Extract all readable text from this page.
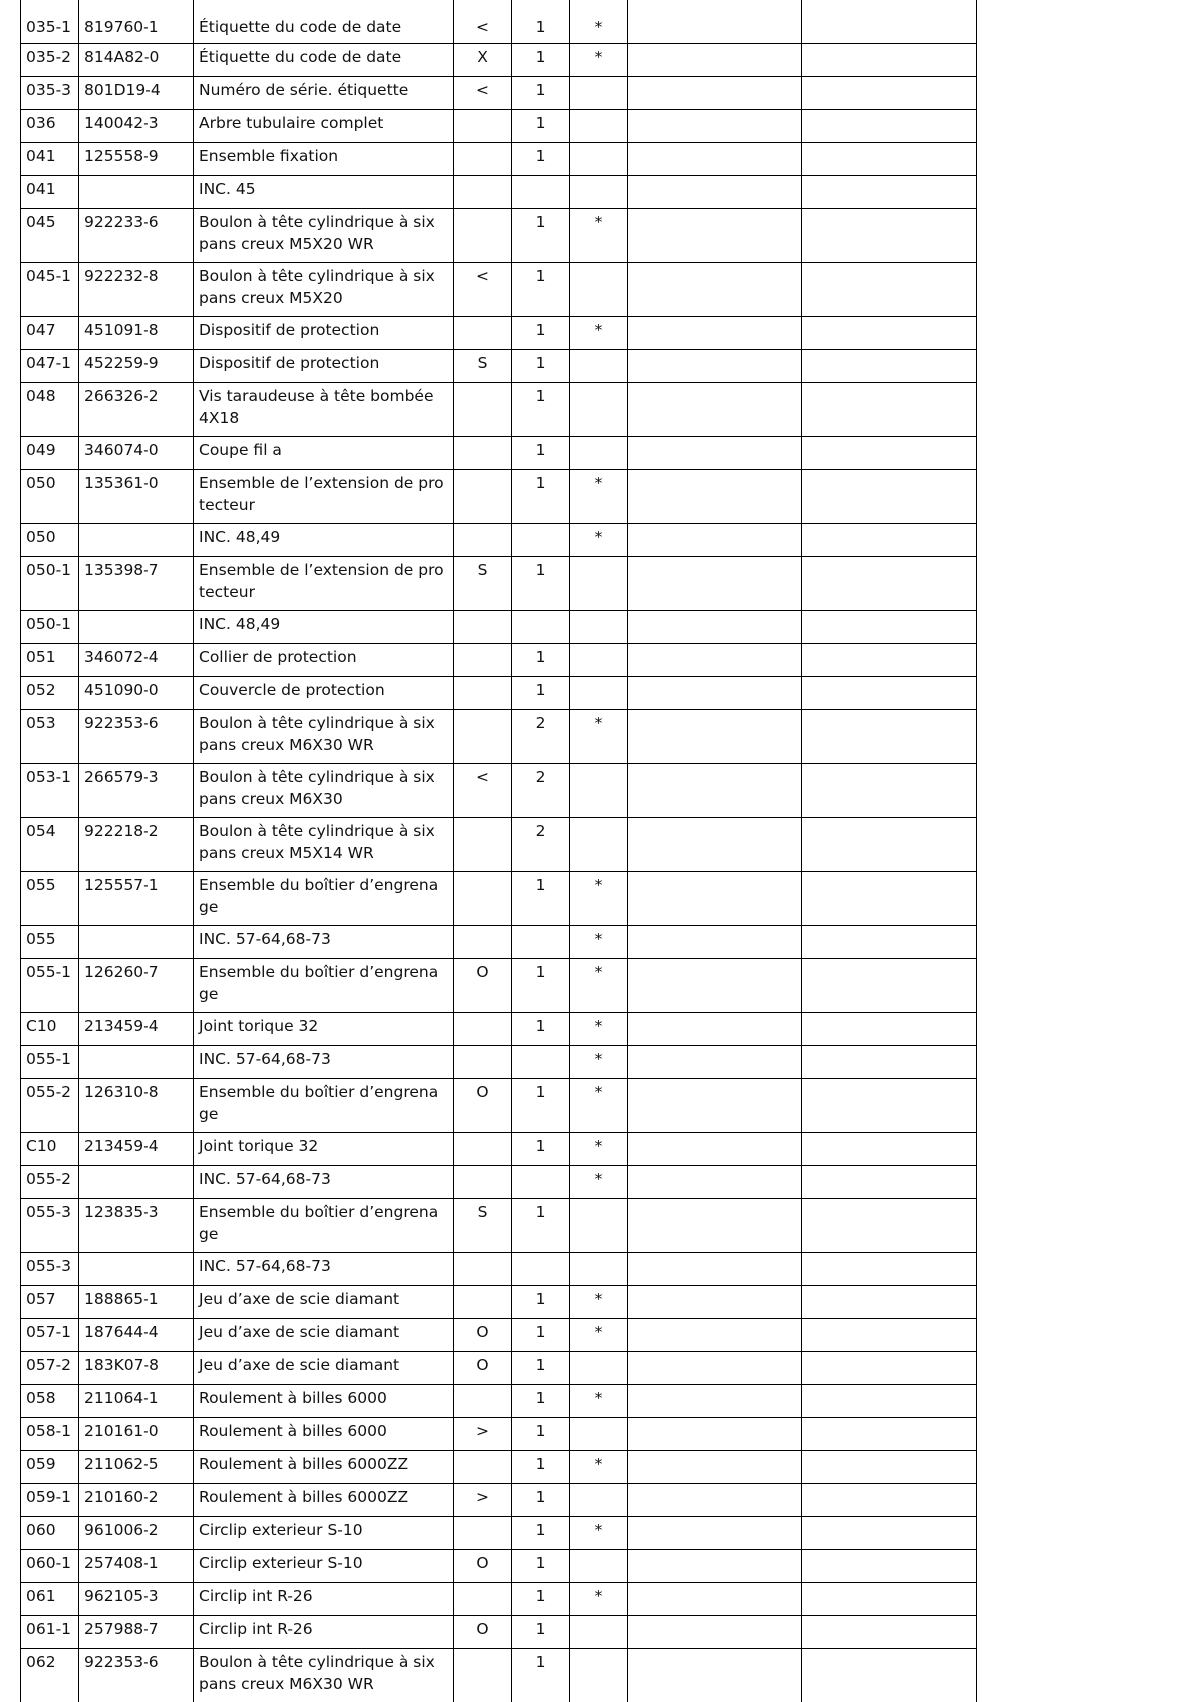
035-1	819760-1	Étiquette du code de date	<	1	*		
035-2	814A82-0	Étiquette du code de date	X	1	*		
035-3	801D19-4	Numéro de série. étiquette	<	1			
036	140042-3	Arbre tubulaire complet		1			
041	125558-9	Ensemble fixation		1			
041		INC. 45					
045	922233-6	Boulon à tête cylindrique à six pans creux M5X20 WR		1	*		
045-1	922232-8	Boulon à tête cylindrique à six pans creux M5X20	<	1			
047	451091-8	Dispositif de protection		1	*		
047-1	452259-9	Dispositif de protection	S	1			
048	266326-2	Vis taraudeuse à tête bombée 4X18		1			
049	346074-0	Coupe fil a		1			
050	135361-0	Ensemble de l’extension de protecteur		1	*		
050		INC. 48,49			*		
050-1	135398-7	Ensemble de l’extension de protecteur	S	1			
050-1		INC. 48,49					
051	346072-4	Collier de protection		1			
052	451090-0	Couvercle de protection		1			
053	922353-6	Boulon à tête cylindrique à six pans creux M6X30 WR		2	*		
053-1	266579-3	Boulon à tête cylindrique à six pans creux M6X30	<	2			
054	922218-2	Boulon à tête cylindrique à six pans creux M5X14 WR		2			
055	125557-1	Ensemble du boîtier d’engrenage		1	*		
055		INC. 57-64,68-73			*		
055-1	126260-7	Ensemble du boîtier d’engrenage	O	1	*		
C10	213459-4	Joint torique 32		1	*		
055-1		INC. 57-64,68-73			*		
055-2	126310-8	Ensemble du boîtier d’engrenage	O	1	*		
C10	213459-4	Joint torique 32		1	*		
055-2		INC. 57-64,68-73			*		
055-3	123835-3	Ensemble du boîtier d’engrenage	S	1			
055-3		INC. 57-64,68-73					
057	188865-1	Jeu d’axe de scie diamant		1	*		
057-1	187644-4	Jeu d’axe de scie diamant	O	1	*		
057-2	183K07-8	Jeu d’axe de scie diamant	O	1			
058	211064-1	Roulement à billes 6000		1	*		
058-1	210161-0	Roulement à billes 6000	>	1			
059	211062-5	Roulement à billes 6000ZZ		1	*		
059-1	210160-2	Roulement à billes 6000ZZ	>	1			
060	961006-2	Circlip exterieur S-10		1	*		
060-1	257408-1	Circlip exterieur S-10	O	1			
061	962105-3	Circlip int R-26		1	*		
061-1	257988-7	Circlip int R-26	O	1			
062	922353-6	Boulon à tête cylindrique à six pans creux M6X30 WR		1			
